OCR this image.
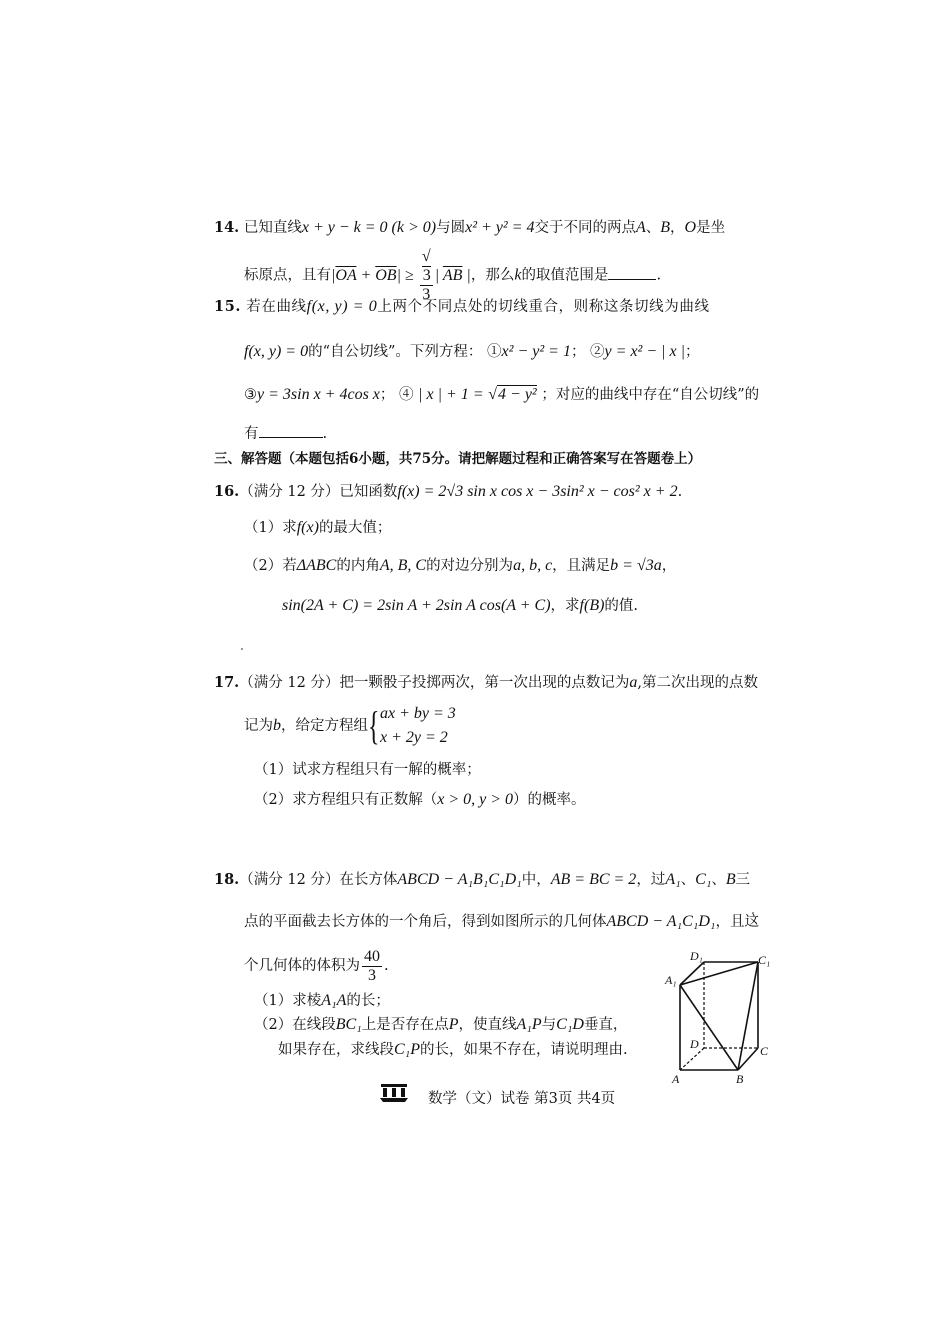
14. 已知直线x + y − k = 0 (k > 0)与圆x² + y² = 4交于不同的两点A、B，O是坐
标原点，且有$|\overline{OA} + \overline{OB}|$ ≥ √
3
3 | $\overline{AB}$ |，那么k的取值范围是	.
15. 若在曲线f(x, y) = 0上两个不同点处的切线重合，则称这条切线为曲线
f(x, y) = 0的“自公切线”。下列方程： ①x² − y² = 1； ②y = x² − | x |；
③y = 3sin x + 4cos x； ④ | x | + 1 = √4 − y² ；对应的曲线中存在“自公切线”的
有	.
三、解答题（本题包括6小题，共75分。请把解题过程和正确答案写在答题卷上）
16.（满分 12 分）已知函数f(x) = 2√3 sin x cos x − 3sin² x − cos² x + 2.
（1）求f(x)的最大值；
（2）若ΔABC的内角A, B, C的对边分别为a, b, c，且满足b = √3a，
sin(2A + C) = 2sin A + 2sin A cos(A + C)，求f(B)的值.
17.（满分 12 分）把一颗骰子投掷两次，第一次出现的点数记为a,第二次出现的点数
记为b，给定方程组 { ax + by = 3
x + 2y = 2
（1）试求方程组只有一解的概率；
（2）求方程组只有正数解（x > 0, y > 0）的概率。
18.（满分 12 分）在长方体ABCD − A₁B₁C₁D₁中，AB = BC = 2，过A₁、C₁、B三
点的平面截去长方体的一个角后，得到如图所示的几何体ABCD − A₁C₁D₁，且这
个几何体的体积为 $\frac{40}{3}$ .
（1）求棱A₁A的长；
（2）在线段BC₁上是否存在点P，使直线A₁P与C₁D垂直，
如果存在，求线段C₁P的长，如果不存在，请说明理由.
D₁	C₁
A₁
D	C
A	B
数学（文）试卷 第3页 共4页
